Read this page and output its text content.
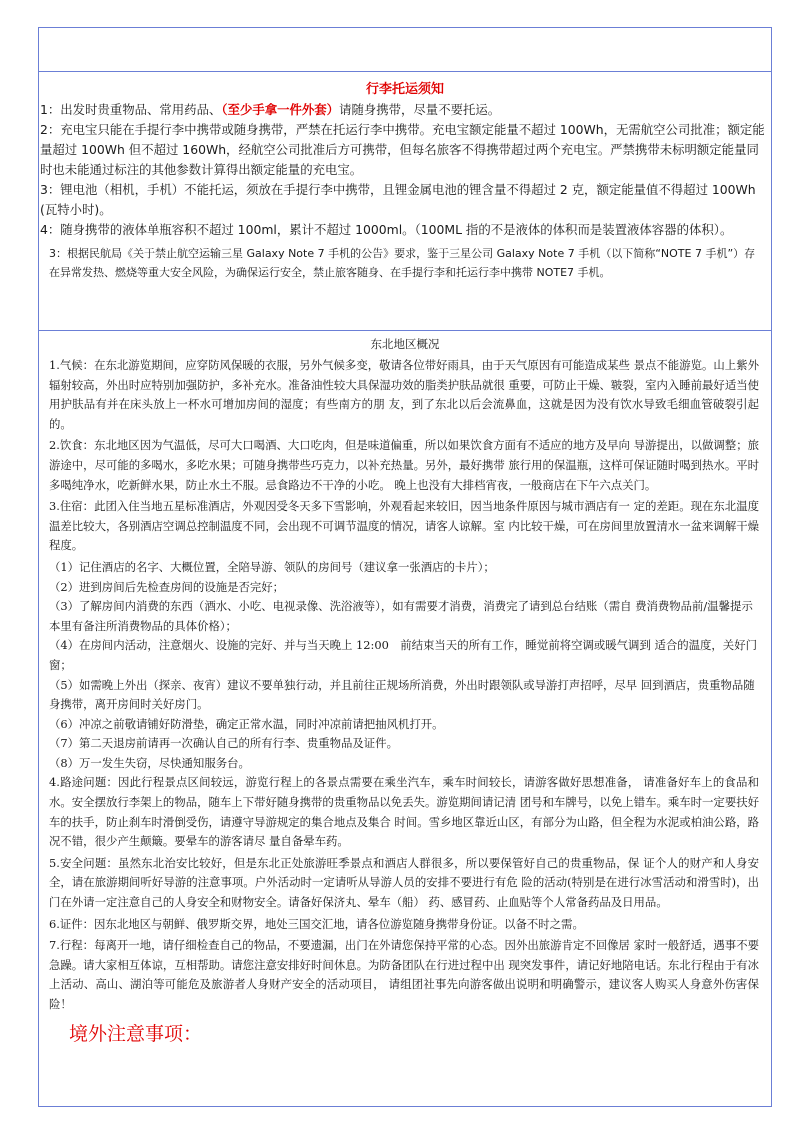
行李托运须知

1：出发时贵重物品、常用药品、（至少手拿一件外套）请随身携带，尽量不要托运。

2：充电宝只能在手提行李中携带或随身携带，严禁在托运行李中携带。充电宝额定能量不超过 100Wh，无需航空公司批准；额定能量超过 100Wh 但不超过 160Wh，经航空公司批准后方可携带，但每名旅客不得携带超过两个充电宝。严禁携带未标明额定能量同时也未能通过标注的其他参数计算得出额定能量的充电宝。

3：锂电池（相机，手机）不能托运，须放在手提行李中携带，且锂金属电池的锂含量不得超过 2 克，额定能量值不得超过 100Wh(瓦特小时)。

4：随身携带的液体单瓶容积不超过 100ml，累计不超过 1000ml。（100ML 指的不是液体的体积而是装置液体容器的体积）。

3：根据民航局《关于禁止航空运输三星 Galaxy Note 7 手机的公告》要求，鉴于三星公司 Galaxy Note 7 手机（以下简称“NOTE 7 手机”）存在异常发热、燃烧等重大安全风险，为确保运行安全，禁止旅客随身、在手提行李和托运行李中携带 NOTE7 手机。
东北地区概况

1.气候：在东北游览期间，应穿防风保暖的衣服，另外气候多变，敬请各位带好雨具，由于天气原因有可能造成某些 景点不能游览。山上紫外辐射较高，外出时应特别加强防护，多补充水。准备油性较大具保湿功效的脂类护肤品就很 重要，可防止干燥、皲裂，室内入睡前最好适当使用护肤品有并在床头放上一杯水可增加房间的湿度；有些南方的朋 友，到了东北以后会流鼻血，这就是因为没有饮水导致毛细血管破裂引起的。

2.饮食：东北地区因为气温低，尽可大口喝酒、大口吃肉，但是味道偏重，所以如果饮食方面有不适应的地方及早向 导游提出，以做调整；旅游途中，尽可能的多喝水，多吃水果；可随身携带些巧克力，以补充热量。另外，最好携带 旅行用的保温瓶，这样可保证随时喝到热水。平时多喝纯净水，吃新鲜水果，防止水土不服。忌食路边不干净的小吃。 晚上也没有大排档宵夜，一般商店在下午六点关门。

3.住宿：此团入住当地五星标准酒店，外观因受冬天多下雪影响，外观看起来较旧，因当地条件原因与城市酒店有一 定的差距。现在东北温度温差比较大，各别酒店空调总控制温度不同，会出现不可调节温度的情况，请客人谅解。室 内比较干燥，可在房间里放置清水一盆来调解干燥程度。

（1）记住酒店的名字、大概位置，全陪导游、领队的房间号（建议拿一张酒店的卡片）；

（2）进到房间后先检查房间的设施是否完好；

（3）了解房间内消费的东西（酒水、小吃、电视录像、洗浴液等），如有需要才消费，消费完了请到总台结账（需自 费消费物品前/温馨提示本里有备注所消费物品的具体价格）；

（4）在房间内活动，注意烟火、设施的完好、并与当天晚上 12:00　前结束当天的所有工作，睡觉前将空调或暖气调到 适合的温度，关好门窗；

（5）如需晚上外出（探亲、夜宵）建议不要单独行动，并且前往正规场所消费，外出时跟领队或导游打声招呼，尽早 回到酒店，贵重物品随身携带，离开房间时关好房门。

（6）冲凉之前敬请铺好防滑垫，确定正常水温，同时冲凉前请把抽风机打开。

（7）第二天退房前请再一次确认自己的所有行李、贵重物品及证件。

（8）万一发生失窃，尽快通知服务台。

4.路途问题：因此行程景点区间较远，游览行程上的各景点需要在乘坐汽车，乘车时间较长，请游客做好思想准备， 请准备好车上的食品和水。安全摆放行李架上的物品，随车上下带好随身携带的贵重物品以免丢失。游览期间请记清 团号和车牌号，以免上错车。乘车时一定要扶好车的扶手，防止刹车时滑倒受伤，请遵守导游规定的集合地点及集合 时间。雪乡地区靠近山区，有部分为山路，但全程为水泥或柏油公路，路况不错，很少产生颠簸。要晕车的游客请尽 量自备晕车药。

5.安全问题：虽然东北治安比较好，但是东北正处旅游旺季景点和酒店人群很多，所以要保管好自己的贵重物品，保 证个人的财产和人身安全，请在旅游期间听好导游的注意事项。户外活动时一定请听从导游人员的安排不要进行有危 险的活动(特别是在进行冰雪活动和滑雪时)，出门在外请一定注意自己的人身安全和财物安全。请备好保济丸、晕车（船） 药、感冒药、止血贴等个人常备药品及日用品。

6.证件：因东北地区与朝鲜、俄罗斯交界，地处三国交汇地，请各位游览随身携带身份证。以备不时之需。

7.行程：每离开一地，请仔细检查自己的物品，不要遗漏，出门在外请您保持平常的心态。因外出旅游肯定不回像居 家时一般舒适，遇事不要急躁。请大家相互体谅，互相帮助。请您注意安排好时间休息。为防备团队在行进过程中出 现突发事件，请记好地陪电话。东北行程由于有冰上活动、高山、湖泊等可能危及旅游者人身财产安全的活动项目， 请组团社事先向游客做出说明和明确警示，建议客人购买人身意外伤害保险！

境外注意事项：
